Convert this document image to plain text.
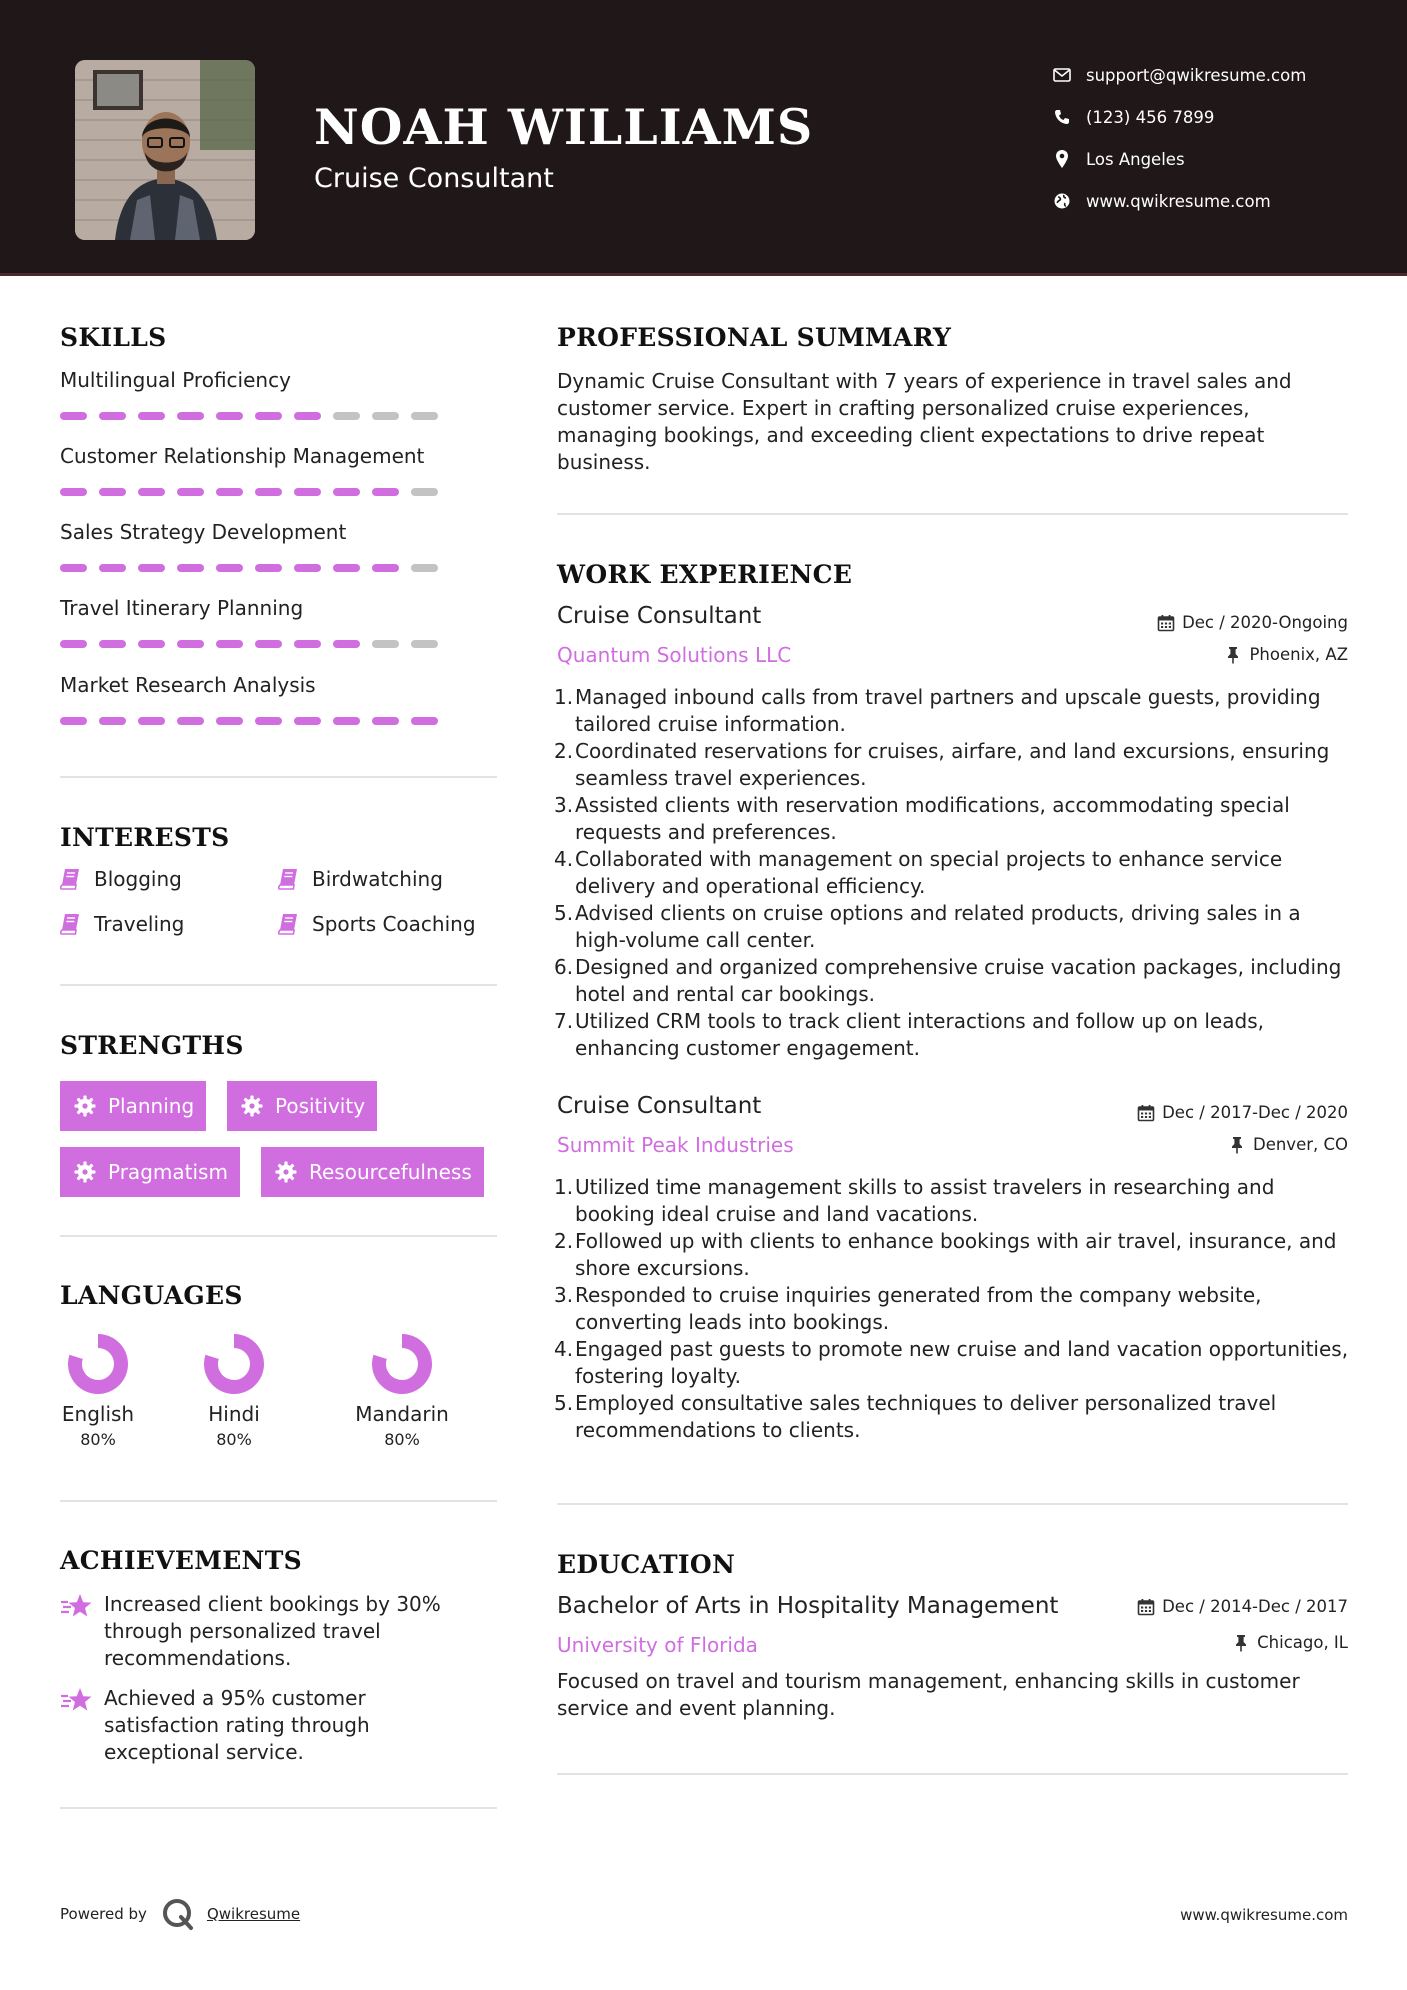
NOAH WILLIAMS
Cruise Consultant
support@qwikresume.com
(123) 456 7899
Los Angeles
www.qwikresume.com
SKILLS
Multilingual Proficiency
Customer Relationship Management
Sales Strategy Development
Travel Itinerary Planning
Market Research Analysis
INTERESTS
Blogging	Birdwatching
Traveling	Sports Coaching
STRENGTHS
Planning	Positivity
Pragmatism	Resourcefulness
LANGUAGES
English
80%
Hindi
80%
Mandarin
80%
ACHIEVEMENTS
Increased client bookings by 30% through personalized travel recommendations.
Achieved a 95% customer satisfaction rating through exceptional service.
PROFESSIONAL SUMMARY
Dynamic Cruise Consultant with 7 years of experience in travel sales and customer service. Expert in crafting personalized cruise experiences, managing bookings, and exceeding client expectations to drive repeat business.
WORK EXPERIENCE
Cruise Consultant	Dec / 2020-Ongoing
Quantum Solutions LLC	Phoenix, AZ
Managed inbound calls from travel partners and upscale guests, providing tailored cruise information.
Coordinated reservations for cruises, airfare, and land excursions, ensuring seamless travel experiences.
Assisted clients with reservation modifications, accommodating special requests and preferences.
Collaborated with management on special projects to enhance service delivery and operational efficiency.
Advised clients on cruise options and related products, driving sales in a high-volume call center.
Designed and organized comprehensive cruise vacation packages, including hotel and rental car bookings.
Utilized CRM tools to track client interactions and follow up on leads, enhancing customer engagement.
Cruise Consultant	Dec / 2017-Dec / 2020
Summit Peak Industries	Denver, CO
Utilized time management skills to assist travelers in researching and booking ideal cruise and land vacations.
Followed up with clients to enhance bookings with air travel, insurance, and shore excursions.
Responded to cruise inquiries generated from the company website, converting leads into bookings.
Engaged past guests to promote new cruise and land vacation opportunities, fostering loyalty.
Employed consultative sales techniques to deliver personalized travel recommendations to clients.
EDUCATION
Bachelor of Arts in Hospitality Management	Dec / 2014-Dec / 2017
University of Florida	Chicago, IL
Focused on travel and tourism management, enhancing skills in customer service and event planning.
Powered by	Qwikresume	www.qwikresume.com
